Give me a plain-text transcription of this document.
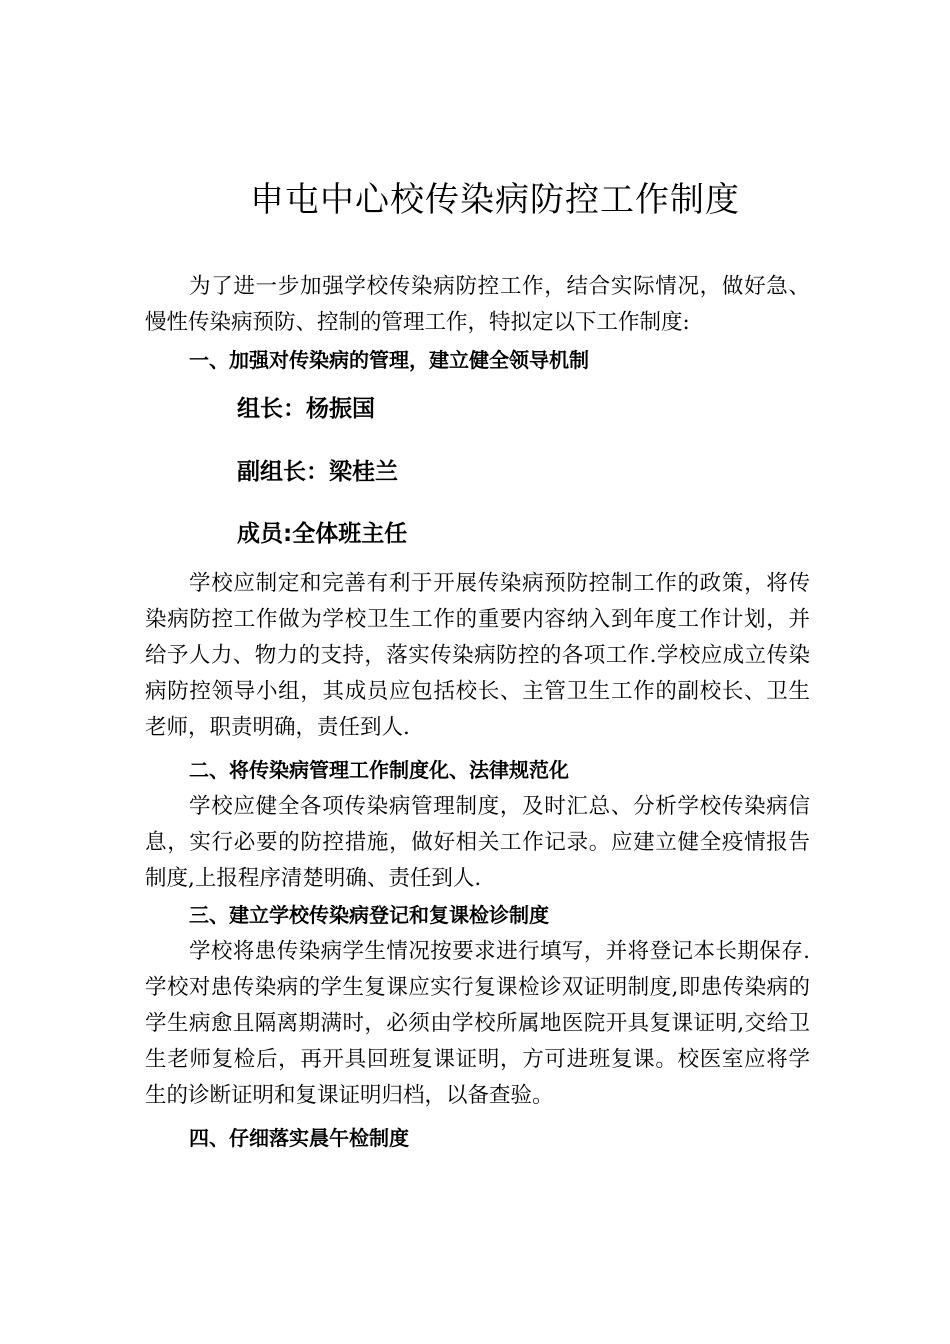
申屯中心校传染病防控工作制度

为了进一步加强学校传染病防控工作，结合实际情况，做好急、慢性传染病预防、控制的管理工作，特拟定以下工作制度:

一、加强对传染病的管理，建立健全领导机制
组长：杨振国
副组长：梁桂兰
成员:全体班主任

学校应制定和完善有利于开展传染病预防控制工作的政策，将传染病防控工作做为学校卫生工作的重要内容纳入到年度工作计划，并给予人力、物力的支持，落实传染病防控的各项工作.学校应成立传染病防控领导小组，其成员应包括校长、主管卫生工作的副校长、卫生老师，职责明确，责任到人.

二、将传染病管理工作制度化、法律规范化

学校应健全各项传染病管理制度，及时汇总、分析学校传染病信息，实行必要的防控措施，做好相关工作记录。应建立健全疫情报告制度,上报程序清楚明确、责任到人.

三、建立学校传染病登记和复课检诊制度

学校将患传染病学生情况按要求进行填写，并将登记本长期保存.学校对患传染病的学生复课应实行复课检诊双证明制度,即患传染病的学生病愈且隔离期满时，必须由学校所属地医院开具复课证明,交给卫生老师复检后，再开具回班复课证明，方可进班复课。校医室应将学生的诊断证明和复课证明归档，以备查验。

四、仔细落实晨午检制度
